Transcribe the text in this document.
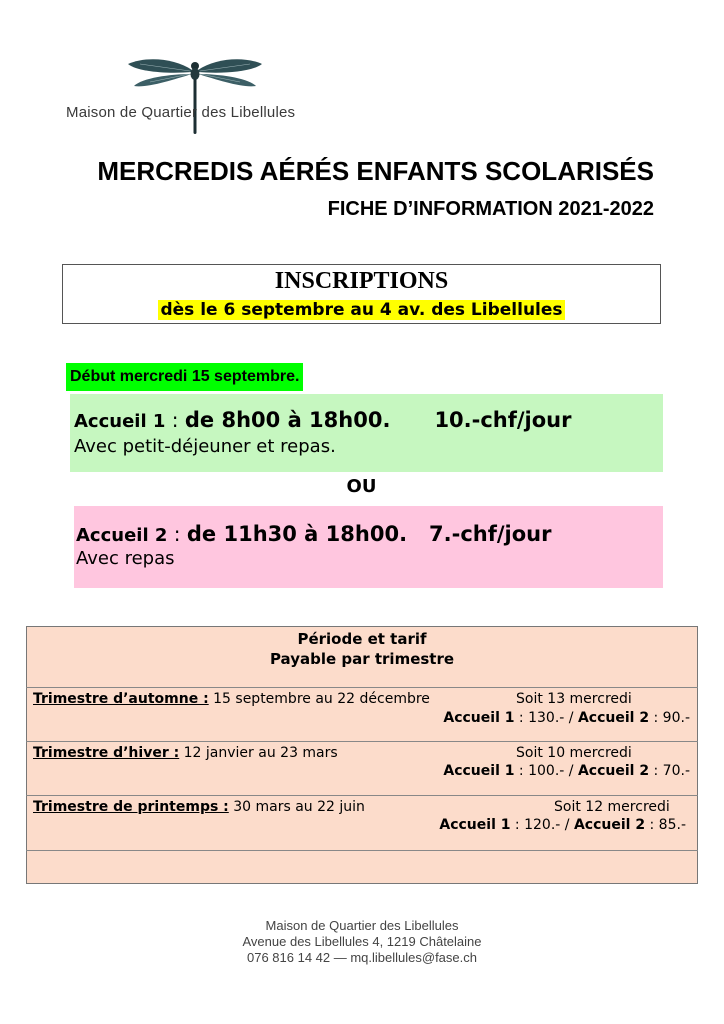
Maison de Quartier des Libellules
MERCREDIS AÉRÉS ENFANTS SCOLARISÉS
FICHE D’INFORMATION 2021-2022
INSCRIPTIONS
dès le 6 septembre au 4 av. des Libellules
Début mercredi 15 septembre.
Accueil 1 : de 8h00 à 18h00. 10.-chf/jour
Avec petit-déjeuner et repas.
OU
Accueil 2 : de 11h30 à 18h00. 7.-chf/jour
Avec repas
Période et tarif
Payable par trimestre
Trimestre d’automne : 15 septembre au 22 décembre	Soit 13 mercredi
Accueil 1 : 130.- / Accueil 2 : 90.-
Trimestre d’hiver : 12 janvier au 23 mars	Soit 10 mercredi
Accueil 1 : 100.- / Accueil 2 : 70.-
Trimestre de printemps : 30 mars au 22 juin	Soit 12 mercredi
Accueil 1 : 120.- / Accueil 2 : 85.-
Maison de Quartier des Libellules
Avenue des Libellules 4, 1219 Châtelaine
076 816 14 42 — mq.libellules@fase.ch
